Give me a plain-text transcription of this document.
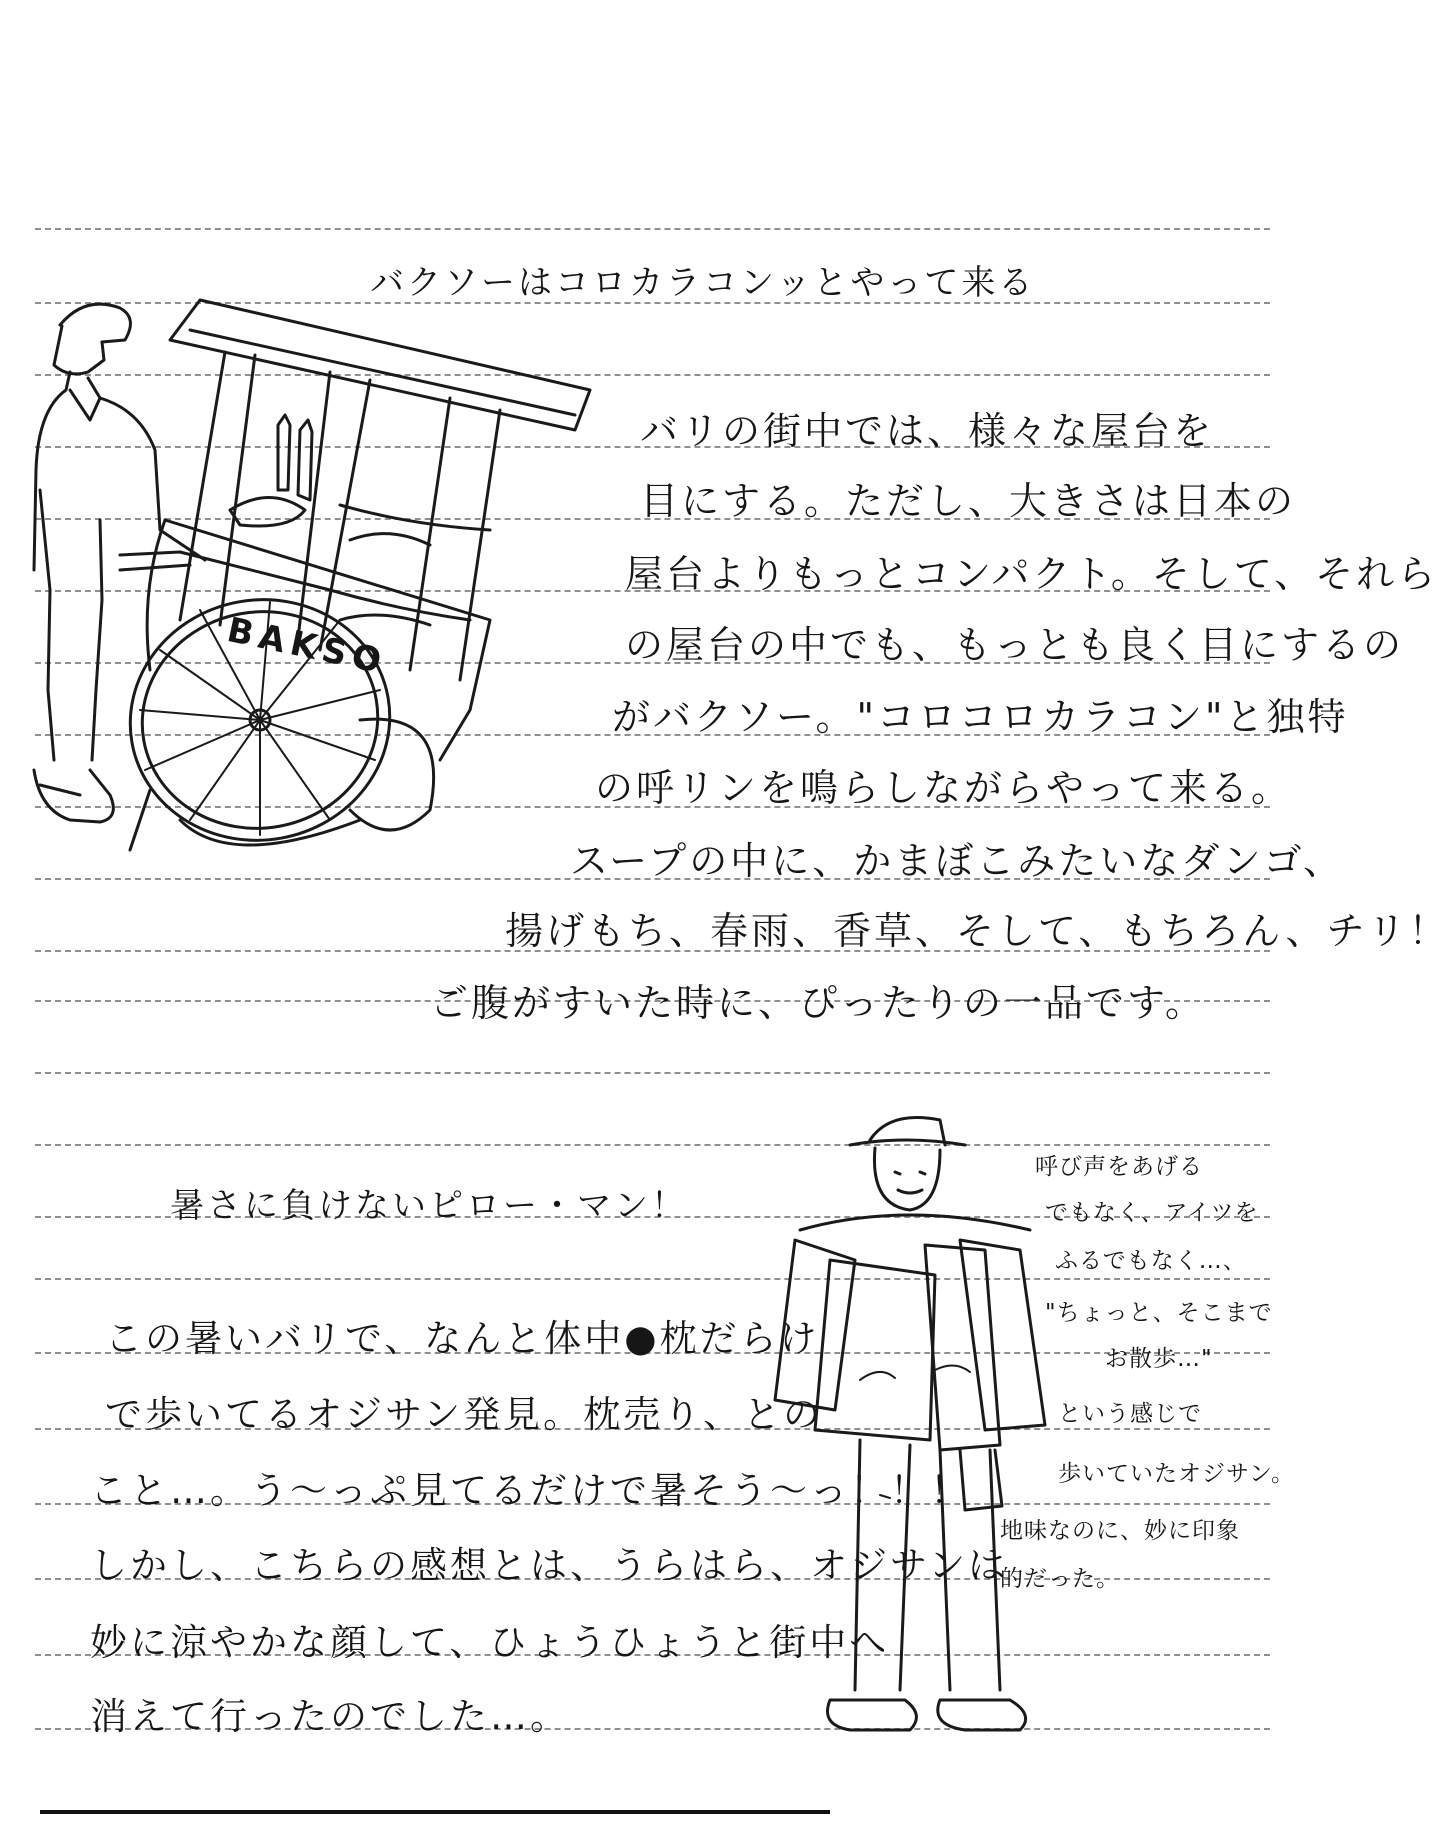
バクソーはコロカラコンッとやって来る
バリの街中では、様々な屋台を
目にする。ただし、大きさは日本の
屋台よりもっとコンパクト。そして、それら
の屋台の中でも、もっとも良く目にするの
がバクソー。"コロコロカラコン"と独特
の呼リンを鳴らしながらやって来る。
スープの中に、かまぼこみたいなダンゴ、
揚げもち、春雨、香草、そして、もちろん、チリ！
ご腹がすいた時に、ぴったりの一品です。
BAKSO
暑さに負けないピロー・マン！
この暑いバリで、なんと体中●枕だらけ
で歩いてるオジサン発見。枕売り、との
こと…。う〜っぷ見てるだけで暑そう〜っ！！！
しかし、こちらの感想とは、うらはら、オジサンは
妙に涼やかな顔して、ひょうひょうと街中へ
消えて行ったのでした…。
呼び声をあげる
でもなく、アイツを
ふるでもなく…、
"ちょっと、そこまで
お散歩…"
という感じで
歩いていたオジサン。
地味なのに、妙に印象
的だった。
